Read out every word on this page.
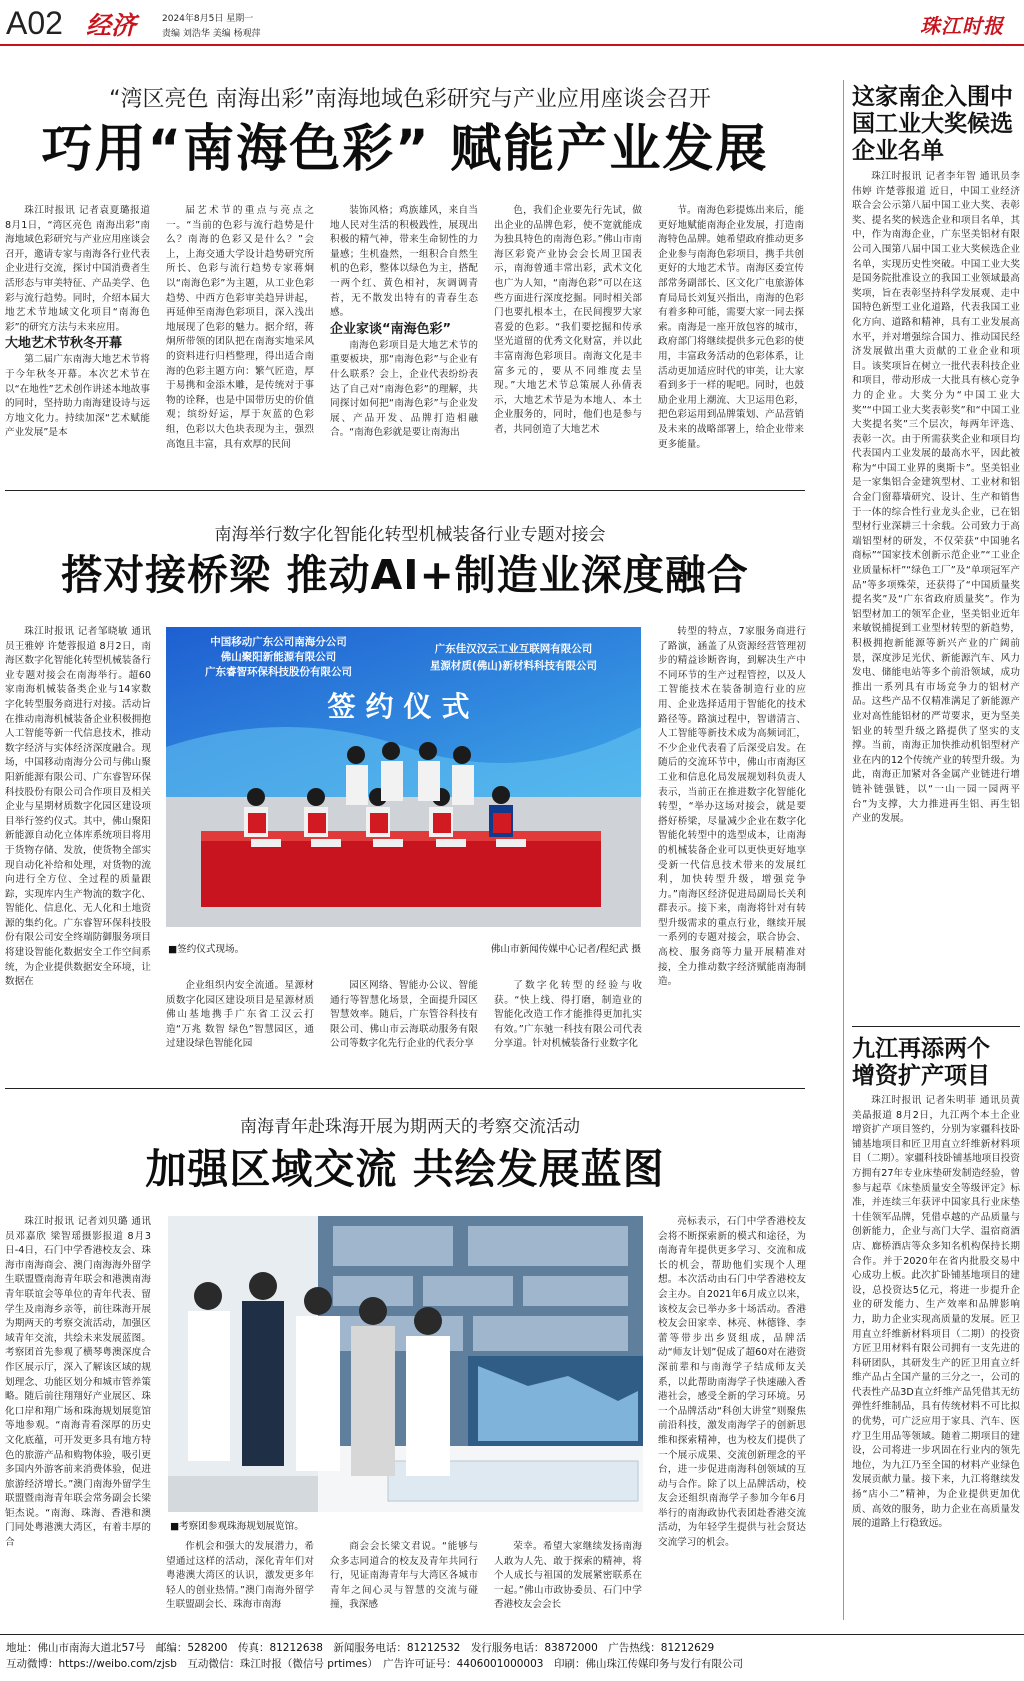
A02 经济	2024年8月5日 星期一
责编 刘浩华 美编 杨观萍	珠江时报
“湾区亮色 南海出彩”南海地域色彩研究与产业应用座谈会召开
巧用“南海色彩” 赋能产业发展

珠江时报讯 记者袁夏璐报道 8月1日，“湾区亮色 南海出彩”南海地域色彩研究与产业应用座谈会召开，邀请专家与南海各行业代表企业进行交流，探讨中国消费者生活形态与审美特征、产品美学、色彩与流行趋势。同时，介绍本届大地艺术节地域文化项目“南海色彩”的研究方法与未来应用。

大地艺术节秋冬开幕

第二届广东南海大地艺术节将于今年秋冬开幕。本次艺术节在以“在地性”艺术创作讲述本地故事的同时，坚持助力南海建设诗与远方地文化力。持续加深“艺术赋能产业发展”是本

届艺术节的重点与亮点之一。“当前的色彩与流行趋势是什么？南海的色彩又是什么？”会上，上海交通大学设计趋势研究所所长、色彩与流行趋势专家蒋炯以“南海色彩”为主题，从工业色彩趋势、中西方色彩审美趋异讲起，再延伸至南海色彩项目，深入浅出地展现了色彩的魅力。据介绍，蒋炯所带领的团队把在南海实地采风的资料进行归档整理，得出适合南海的色彩主题方向：繁气匠造，厚于易携和金添木雕，是传统对于事物的诠释，也是中国带历史的价值观；缤纷好运，厚于灰蓝的色彩组，色彩以大色块表现为主，强烈高饱且丰富，具有欢厚的民间

装饰风格；鸡族雄风，来自当地人民对生活的积极践性，展现出积极的精气神，带来生命韧性的力量感；生机盎然，一组积合自然生机的色彩，整体以绿色为主，搭配一两个红、黄色相衬，灰调调青苔，无不散发出特有的青春生态感。

企业家谈“南海色彩”

南海色彩项目是大地艺术节的重要板块，那“南海色彩”与企业有什么联系？会上，企业代表纷纷表达了自己对“南海色彩”的理解，共同探讨如何把“南海色彩”与企业发展、产品开发、品牌打造相融合。“南海色彩就是要让南海出

色，我们企业要先行先试，做出企业的品牌色彩，使不宽就能成为独具特色的南海色彩。”佛山市南海区彩瓷产业协会会长周卫国表示，南海曾通丰常出彩，武术文化也广为人知，“南海色彩”可以在这些方面进行深度挖掘。同时相关部门也要扎根本土，在民间搜罗大家喜爱的色彩。“我们要挖掘和传承坚光道留的优秀文化财富，并以此丰富南海色彩项目。南海文化是丰富多元的，要从不同维度去呈现。”大地艺术节总策展人孙倩表示，大地艺术节是为本地人、本土企业服务的，同时，他们也是参与者，共同创造了大地艺术

节。南海色彩提炼出来后，能更好地赋能南海企业发展，打造南海特色品牌。她希望政府推动更多企业参与南海色彩项目，携手共创更好的大地艺术节。南海区委宣传部常务副部长、区文化广电旅游体育局局长刘复兴指出，南海的色彩有着多种可能，需要大家一同去探索。南海是一座开放包容的城市，政府部门将继续提供多元色彩的使用，丰富政务活动的色彩体系，让活动更加适应时代的审美，让大家看到多于一样的呢吧。同时，也鼓励企业用上潮流、大卫运用色彩，把色彩运用到品牌策划、产品营销及未来的战略部署上，给企业带来更多能量。

南海举行数字化智能化转型机械装备行业专题对接会
搭对接桥梁 推动AI+制造业深度融合

珠江时报讯 记者邹晓敏 通讯员王雅婷 许楚蓉报道 8月2日，南海区数字化智能化转型机械装备行业专题对接会在南海举行。超60家南海机械装备类企业与14家数字化转型服务商进行对接。活动旨在推动南海机械装备企业积极拥抱人工智能等新一代信息技术，推动数字经济与实体经济深度融合。现场，中国移动南海分公司与佛山聚阳新能源有限公司、广东睿智环保科技股份有限公司合作项目及相关企业与星期材质数字化园区建设项目举行签约仪式。其中，佛山聚阳新能源自动化立体库系统项目将用于货物存储、发放，使货物全部实现自动化补给和处理，对货物的流向进行全方位、全过程的质量跟踪，实现库内生产物流的数字化、智能化、信息化、无人化和土地资源的集约化。广东睿智环保科技股份有限公司安全终端防御服务项目将建设智能化数据安全工作空间系统，为企业提供数据安全环境，让数据在

中国移动广东公司南海分公司
佛山聚阳新能源有限公司
广东睿智环保科技股份有限公司
广东佳汉汉云工业互联网有限公司
星源材质(佛山)新材料科技有限公司
签约仪式
■签约仪式现场。	佛山市新闻传媒中心记者/程纪武 摄

转型的特点，7家服务商进行了路演，涵盖了从资源经营管理初步的精益诊断咨询，到解决生产中不同环节的生产过程管控，以及人工智能技术在装备制造行业的应用、企业选择适用于智能化的技术路径等。路演过程中，智谱清言、人工智能等新技术成为高频词汇，不少企业代表看了后深受启发。在随后的交流环节中，佛山市南海区工业和信息化局发展规划科负责人表示，当前正在推进数字化智能化转型，“举办这场对接会，就是要搭好桥梁，尽量减少企业在数字化智能化转型中的选型成本，让南海的机械装备企业可以更快更好地享受新一代信息技术带来的发展红利，加快转型升级，增强竞争力。”南海区经济促进局副局长关利群表示。接下来，南海将针对有转型升级需求的重点行业，继续开展一系列的专题对接会，联合协会、高校、服务商等力量开展精准对接，全力推动数字经济赋能南海制造。

企业组织内安全流通。星源材质数字化园区建设项目是星源材质佛山基地携手广东省工汉云打造“万兆 数智 绿色”智慧园区，通过建设绿色智能化园

园区网络、智能办公议、智能通行等智慧化场景，全面提升园区智慧效率。随后，广东管谷科技有限公司、佛山市云海联动服务有限公司等数字化先行企业的代表分享

了数字化转型的经验与收获。“快上线、得打磨，制造业的智能化改造工作才能推得更加扎实有效。”广东驰一科技有限公司代表分享道。针对机械装备行业数字化

南海青年赴珠海开展为期两天的考察交流活动
加强区域交流 共绘发展蓝图

珠江时报讯 记者刘贝璐 通讯员邓嘉欣 梁智瑶摄影报道 8月3日-4日，石门中学香港校友会、珠海市南海商会、澳门南海海外留学生联盟暨南海青年联会和港澳南海青年联谊会等单位的青年代表、留学生及南海乡亲等，前往珠海开展为期两天的考察交流活动，加强区域青年交流，共绘未来发展蓝图。考察团首先参观了横琴粤澳深度合作区展示厅，深入了解该区域的规划理念、功能区划分和城市管养策略。随后前往翔翔好产业展区、珠化口岸和翔广场和珠海规划展览馆等地参观。“南海青看深厚的历史文化底蕴，可开发更多具有地方特色的旅游产品和购物体验，吸引更多国内外游客前来消费体验，促进旅游经济增长。”澳门南海外留学生联盟暨南海青年联会常务副会长梁钜杰说。“南海、珠海、香港和澳门同处粤港澳大湾区，有着丰厚的合

■考察团参观珠海规划展览馆。

亮标表示，石门中学香港校友会将不断探索新的模式和途径，为南海青年提供更多学习、交流和成长的机会，帮助他们实现个人理想。本次活动由石门中学香港校友会主办。自2021年6月成立以来，该校友会已举办多十场活动。香港校友会田家幸、林亮、林德锋、李蕾等带步出乡贤组成，品牌活动“师友计划”促成了超60对在港资深前辈和与南海学子结成师友关系，以此帮助南海学子快速融入香港社会，感受全新的学习环境。另一个品牌活动“科创大讲堂”则聚焦前沿科技，激发南海学子的创新思维和探索精神，也为校友们提供了一个展示成果、交流创新理念的平台，进一步促进南海科创领域的互动与合作。除了以上品牌活动，校友会还组织南海学子参加今年6月举行的南海政协代表团赴香港交流活动，为年轻学生提供与社会贤达交流学习的机会。

作机会和强大的发展潜力，希望通过这样的活动，深化青年们对粤港澳大湾区的认识，激发更多年轻人的创业热情。”澳门南海外留学生联盟副会长、珠海市南海

商会会长梁文君说。“能够与众多志同道合的校友及青年共同行行，见证南海青年与大湾区各城市青年之间心灵与智慧的交流与碰撞，我深感

荣幸。希望大家继续发扬南海人敢为人先、敢于探索的精神，将个人成长与祖国的发展紧密联系在一起。”佛山市政协委员、石门中学香港校友会会长

这家南企入围中国工业大奖候选企业名单

珠江时报讯 记者李年智 通讯员李伟婷 许楚蓉报道 近日，中国工业经济联合会公示第八届中国工业大奖、表彰奖、提名奖的候选企业和项目名单，其中，作为南海企业，广东坚美铝材有限公司入围第八届中国工业大奖候选企业名单，实现历史性突破。中国工业大奖是国务院批准设立的我国工业领域最高奖项，旨在表彰坚持科学发展观、走中国特色新型工业化道路，代表我国工业化方向、道路和精神，具有工业发展高水平，并对增强综合国力、推动国民经济发展做出重大贡献的工业企业和项目。该奖项旨在树立一批代表科技企业和项目，带动形成一大批具有核心竞争力的企业。大奖分为“中国工业大奖”“中国工业大奖表彰奖”和“中国工业大奖提名奖”三个层次，每两年评选、表彰一次。由于所需获奖企业和项目均代表国内工业发展的最高水平，因此被称为“中国工业界的奥斯卡”。坚美铝业是一家集铝合金建筑型材、工业材和铝合金门窗幕墙研究、设计、生产和销售于一体的综合性行业龙头企业，已在铝型材行业深耕三十余载。公司致力于高端铝型材的研发，不仅荣获“中国驰名商标”“国家技术创新示范企业”“工业企业质量标杆”“绿色工厂”及“单项冠军产品”等多项殊荣，还获得了“中国质量奖提名奖”及“广东省政府质量奖”。作为铝型材加工的领军企业，坚美铝业近年来敏锐捕捉到工业型材转型的新趋势，积极拥抱新能源等新兴产业的广阔前景，深度涉足光伏、新能源汽车、风力发电、储能电站等多个前沿领域，成功推出一系列具有市场竞争力的铝材产品。这些产品不仅精准满足了新能源产业对高性能铝材的严苛要求，更为坚美铝业的转型升级之路提供了坚实的支撑。当前，南海正加快推动机铝型材产业在内的12个传统产业的转型升级。为此，南海正加紧对各金属产业链进行增链补链强链，以“一山一园一园两平台”为支撑，大力推进再生铝、再生铝产业的发展。

九江再添两个增资扩产项目

珠江时报讯 记者朱明菲 通讯员黄美晶报道 8月2日，九江两个本土企业增资扩产项目签约，分别为家疆科技卧铺基地项目和匠卫用直立纤维新材料项目（二期）。家疆科技卧铺基地项目投资方拥有27年专业床垫研发制造经验，曾参与起草《床垫质量安全等级评定》标准，并连续三年获评中国家具行业床垫十佳领军品牌，凭借卓越的产品质量与创新能力，企业与高门大学、温宿商酒店、廊桥酒店等众多知名机构保持长期合作。并于2020年在省内批股交易中心成功上板。此次扩卧铺基地项目的建设，总投资达5亿元，将进一步提升企业的研发能力、生产效率和品牌影响力，助力企业实现高质量的发展。匠卫用直立纤维新材料项目（二期）的投资方匠卫用材料有限公司拥有一支先进的科研团队，其研发生产的匠卫用直立纤维产品占全国产量的三分之一，公司的代表性产品3D直立纤维产品凭借其无纺弹性纤维制品，具有传统材料不可比拟的优势，可广泛应用于家具、汽车、医疗卫生用品等领域。随着二期项目的建设，公司将进一步巩固在行业内的领先地位，为九江乃至全国的材料产业绿色发展贡献力量。接下来，九江将继续发扬“店小二”精神，为企业提供更加优质、高效的服务，助力企业在高质量发展的道路上行稳致远。

地址：佛山市南海大道北57号　邮编：528200　传真：81212638　新闻服务电话：81212532　发行服务电话：83872000　广告热线：81212629
互动微博：https://weibo.com/zjsb　互动微信：珠江时报（微信号 prtimes）　广告许可证号：4406001000003　印刷：佛山珠江传媒印务与发行有限公司
